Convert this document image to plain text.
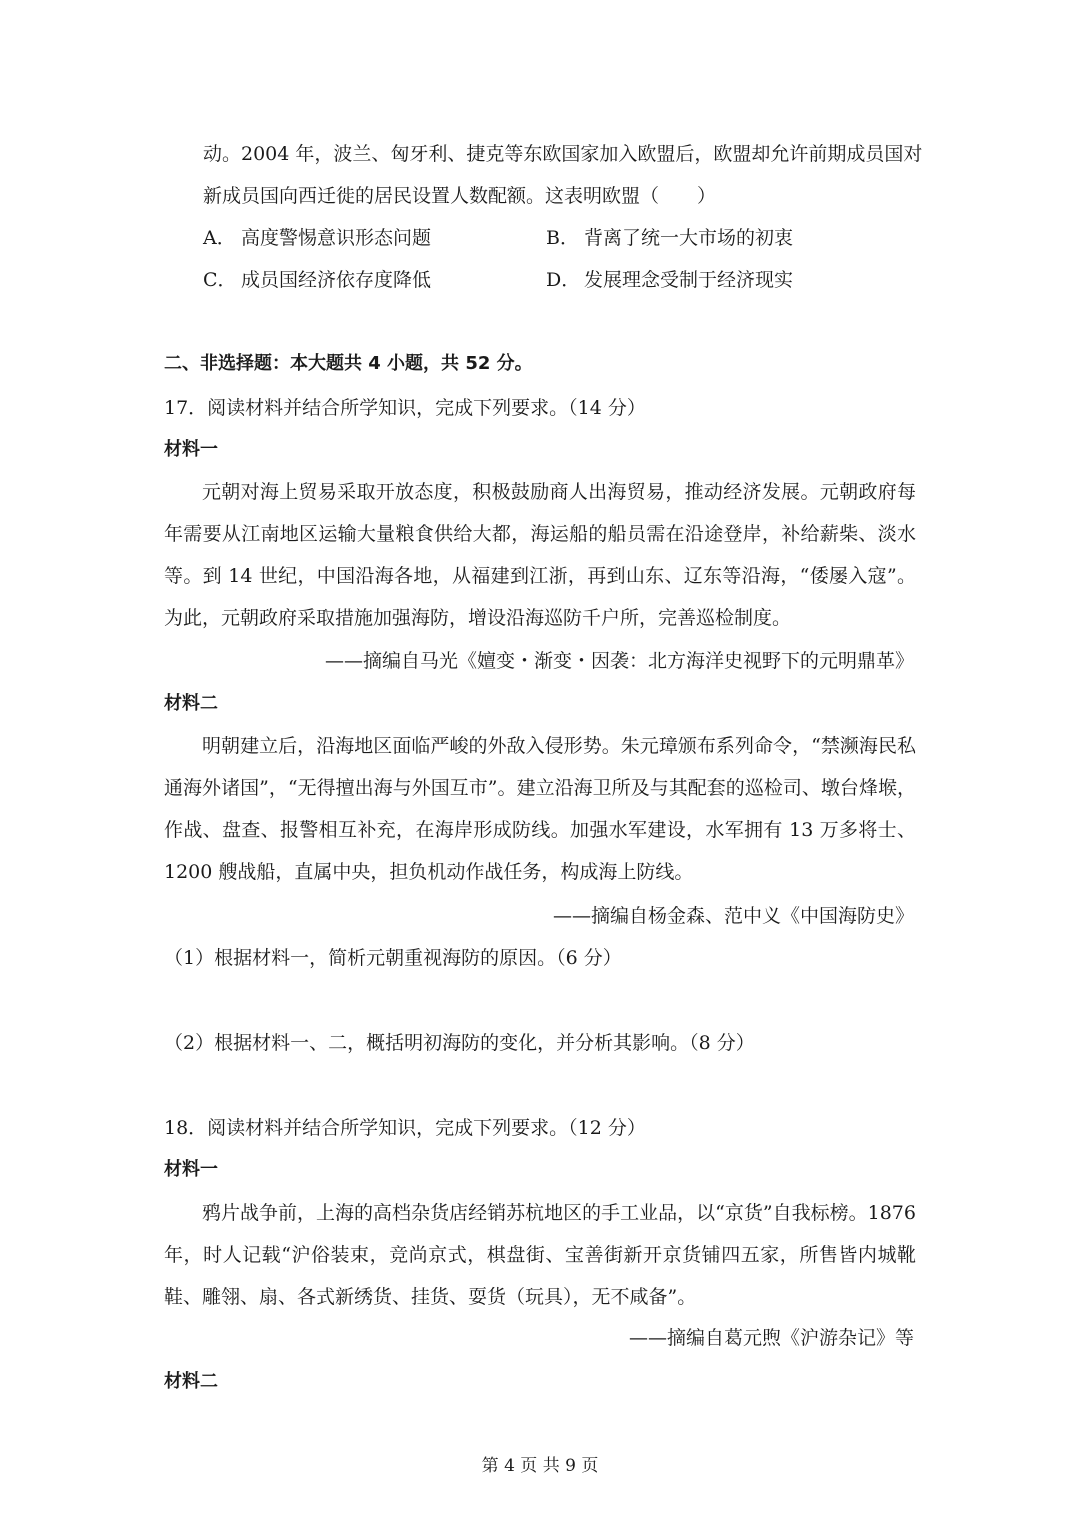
动。2004 年，波兰、匈牙利、捷克等东欧国家加入欧盟后，欧盟却允许前期成员国对
新成员国向西迁徙的居民设置人数配额。这表明欧盟（　　）
A． 高度警惕意识形态问题	B． 背离了统一大市场的初衷
C． 成员国经济依存度降低	D． 发展理念受制于经济现实
二、非选择题：本大题共 4 小题，共 52 分。
17．阅读材料并结合所学知识，完成下列要求。（14 分）
材料一
元朝对海上贸易采取开放态度，积极鼓励商人出海贸易，推动经济发展。元朝政府每年需要从江南地区运输大量粮食供给大都，海运船的船员需在沿途登岸，补给薪柴、淡水等。到 14 世纪，中国沿海各地，从福建到江浙，再到山东、辽东等沿海，“倭屡入寇”。为此，元朝政府采取措施加强海防，增设沿海巡防千户所，完善巡检制度。
——摘编自马光《嬗变・渐变・因袭：北方海洋史视野下的元明鼎革》
材料二
明朝建立后，沿海地区面临严峻的外敌入侵形势。朱元璋颁布系列命令，“禁濒海民私通海外诸国”，“无得擅出海与外国互市”。建立沿海卫所及与其配套的巡检司、墩台烽堠，作战、盘查、报警相互补充，在海岸形成防线。加强水军建设，水军拥有 13 万多将士、1200 艘战船，直属中央，担负机动作战任务，构成海上防线。
——摘编自杨金森、范中义《中国海防史》
（1）根据材料一，简析元朝重视海防的原因。（6 分）
（2）根据材料一、二，概括明初海防的变化，并分析其影响。（8 分）
18．阅读材料并结合所学知识，完成下列要求。（12 分）
材料一
鸦片战争前，上海的高档杂货店经销苏杭地区的手工业品，以“京货”自我标榜。1876年，时人记载“沪俗装束，竞尚京式，棋盘街、宝善街新开京货铺四五家，所售皆内城靴鞋、雕翎、扇、各式新绣货、挂货、耍货（玩具），无不咸备”。
——摘编自葛元煦《沪游杂记》等
材料二
第 4 页 共 9 页
